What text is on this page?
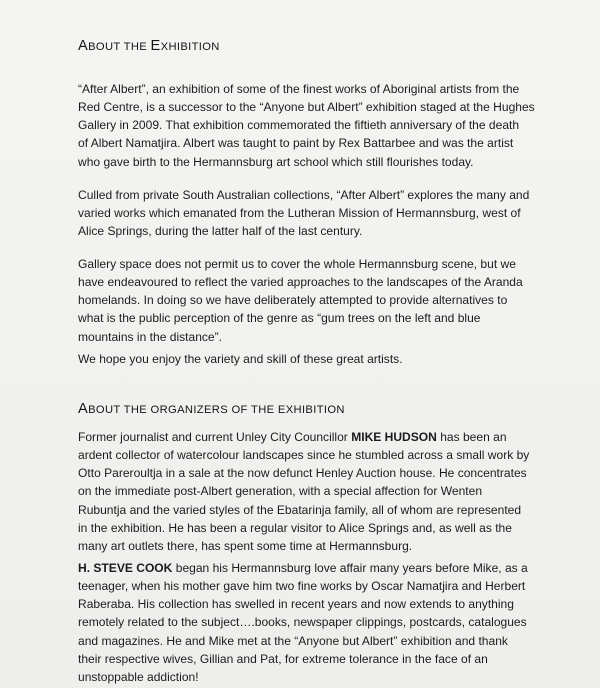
ABOUT THE EXHIBITION
“After Albert”, an exhibition of some of the finest works of Aboriginal artists from the
Red Centre, is a successor to the “Anyone but Albert” exhibition staged at the Hughes
Gallery in 2009. That exhibition commemorated the fiftieth anniversary of the death
of Albert Namatjira. Albert was taught to paint by Rex Battarbee and was the artist
who gave birth to the Hermannsburg art school which still flourishes today.
Culled from private South Australian collections, “After Albert” explores the many and
varied works which emanated from the Lutheran Mission of Hermannsburg, west of
Alice Springs, during the latter half of the last century.
Gallery space does not permit us to cover the whole Hermannsburg scene, but we
have endeavoured to reflect the varied approaches to the landscapes of the Aranda
homelands. In doing so we have deliberately attempted to provide alternatives to
what is the public perception of the genre as “gum trees on the left and blue
mountains in the distance”.
We hope you enjoy the variety and skill of these great artists.
ABOUT THE ORGANIZERS OF THE EXHIBITION
Former journalist and current Unley City Councillor MIKE HUDSON has been an
ardent collector of watercolour landscapes since he stumbled across a small work by
Otto Pareroultja in a sale at the now defunct Henley Auction house. He concentrates
on the immediate post-Albert generation, with a special affection for Wenten
Rubuntja and the varied styles of the Ebatarinja family, all of whom are represented
in the exhibition. He has been a regular visitor to Alice Springs and, as well as the
many art outlets there, has spent some time at Hermannsburg.
H. STEVE COOK began his Hermannsburg love affair many years before Mike, as a
teenager, when his mother gave him two fine works by Oscar Namatjira and Herbert
Raberaba. His collection has swelled in recent years and now extends to anything
remotely related to the subject….books, newspaper clippings, postcards, catalogues
and magazines. He and Mike met at the “Anyone but Albert” exhibition and thank
their respective wives, Gillian and Pat, for extreme tolerance in the face of an
unstoppable addiction!
